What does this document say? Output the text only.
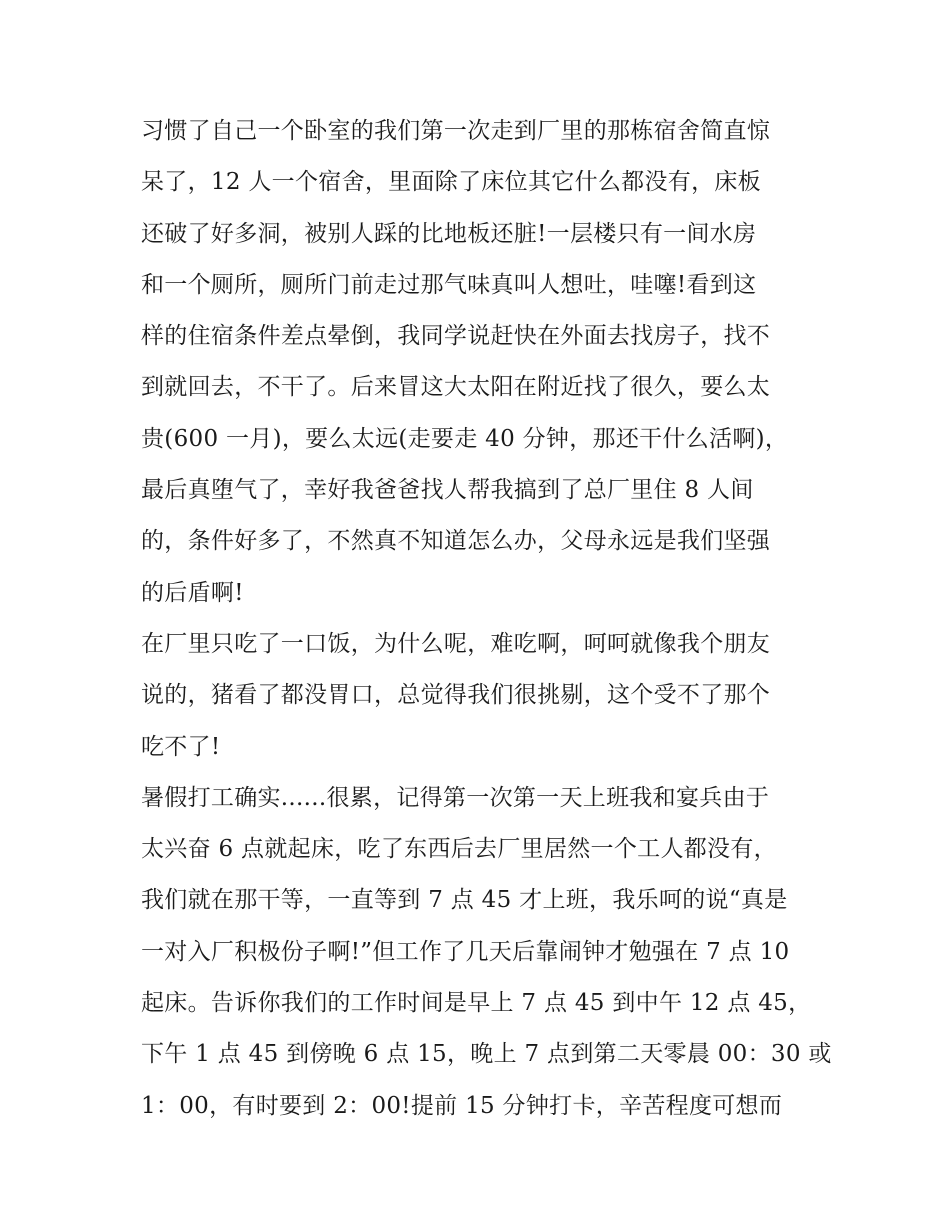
习惯了自己一个卧室的我们第一次走到厂里的那栋宿舍简直惊
呆了，12 人一个宿舍，里面除了床位其它什么都没有，床板
还破了好多洞，被别人踩的比地板还脏!一层楼只有一间水房
和一个厕所，厕所门前走过那气味真叫人想吐，哇噻!看到这
样的住宿条件差点晕倒，我同学说赶快在外面去找房子，找不
到就回去，不干了。后来冒这大太阳在附近找了很久，要么太
贵(600 一月)，要么太远(走要走 40 分钟，那还干什么活啊)，
最后真堕气了，幸好我爸爸找人帮我搞到了总厂里住 8 人间
的，条件好多了，不然真不知道怎么办，父母永远是我们坚强
的后盾啊!
在厂里只吃了一口饭，为什么呢，难吃啊，呵呵就像我个朋友
说的，猪看了都没胃口，总觉得我们很挑剔，这个受不了那个
吃不了!
暑假打工确实......很累，记得第一次第一天上班我和宴兵由于
太兴奋 6 点就起床，吃了东西后去厂里居然一个工人都没有，
我们就在那干等，一直等到 7 点 45 才上班，我乐呵的说“真是
一对入厂积极份子啊!”但工作了几天后靠闹钟才勉强在 7 点 10
起床。告诉你我们的工作时间是早上 7 点 45 到中午 12 点 45，
下午 1 点 45 到傍晚 6 点 15，晚上 7 点到第二天零晨 00：30 或
1：00，有时要到 2：00!提前 15 分钟打卡，辛苦程度可想而
